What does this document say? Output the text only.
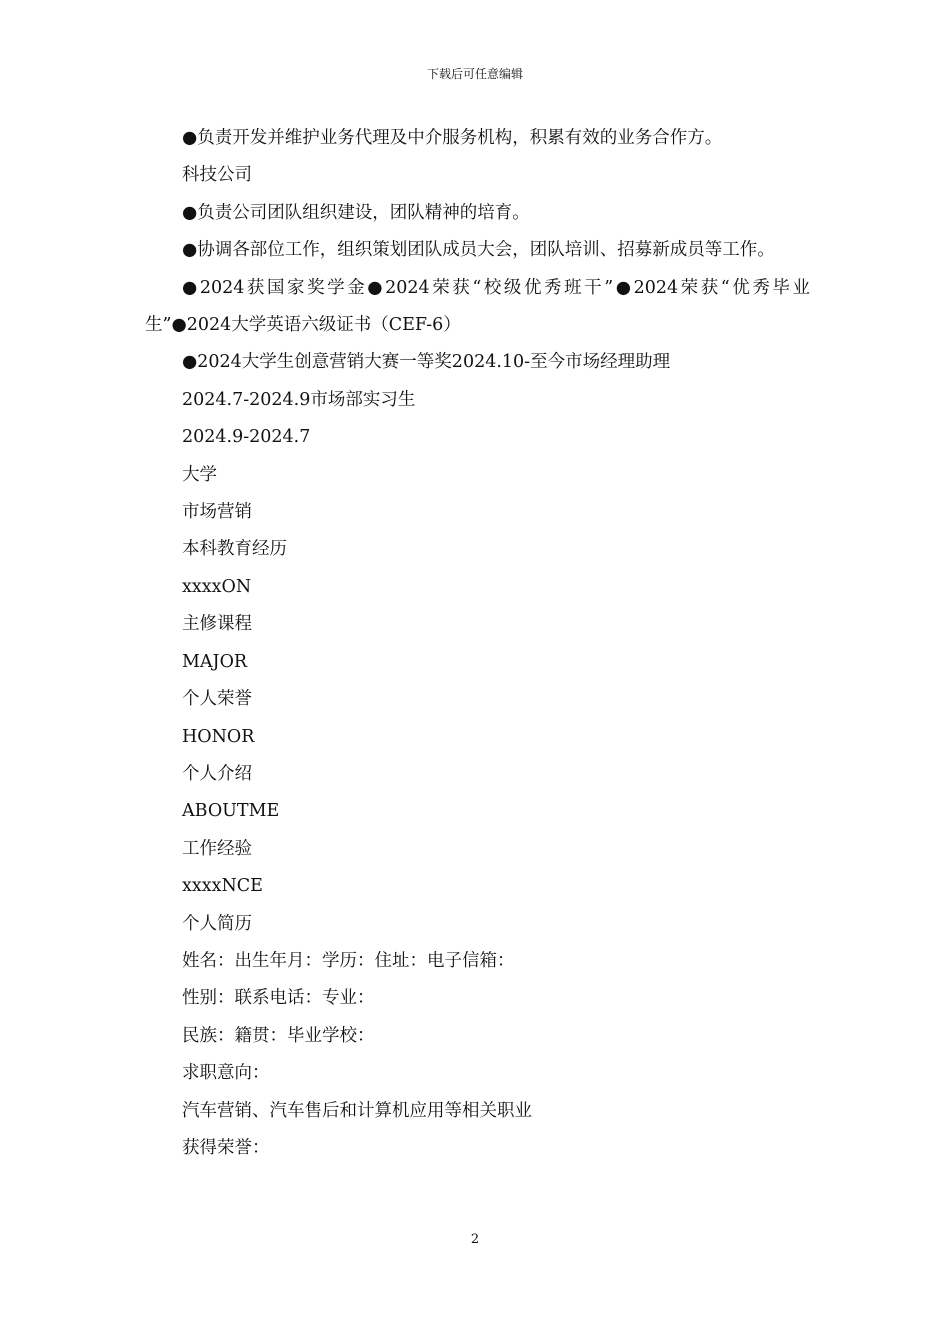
下载后可任意编辑

●负责开发并维护业务代理及中介服务机构，积累有效的业务合作方。

科技公司

●负责公司团队组织建设，团队精神的培育。

●协调各部位工作，组织策划团队成员大会，团队培训、招募新成员等工作。

●2024获国家奖学金●2024荣获“校级优秀班干”●2024荣获“优秀毕业生”●2024大学英语六级证书（CEF-6）

●2024大学生创意营销大赛一等奖2024.10-至今市场经理助理

2024.7-2024.9市场部实习生

2024.9-2024.7

大学

市场营销

本科教育经历

xxxxON

主修课程

MAJOR

个人荣誉

HONOR

个人介绍

ABOUTME

工作经验

xxxxNCE

个人简历

姓名：出生年月：学历：住址：电子信箱：

性别：联系电话：专业：

民族：籍贯：毕业学校：

求职意向：

汽车营销、汽车售后和计算机应用等相关职业

获得荣誉：

2
